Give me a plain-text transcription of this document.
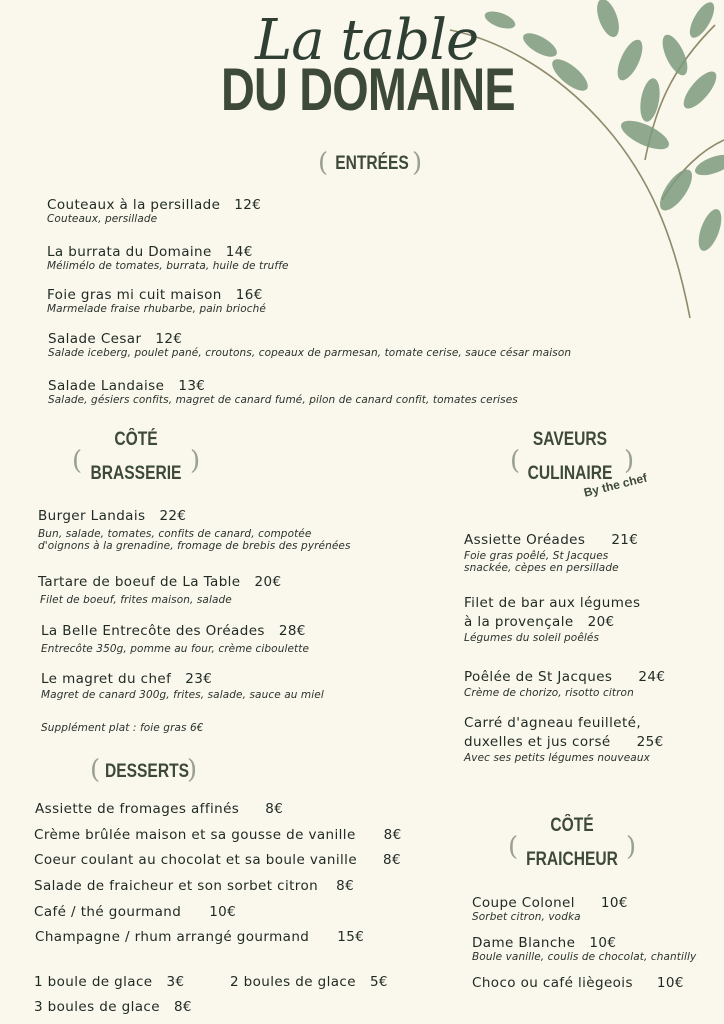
La table
DU DOMAINE
( ENTRÉES )
Couteaux à la persillade 12€
Couteaux, persillade
La burrata du Domaine 14€
Mélimélo de tomates, burrata, huile de truffe
Foie gras mi cuit maison 16€
Marmelade fraise rhubarbe, pain brioché
Salade Cesar 12€
Salade iceberg, poulet pané, croutons, copeaux de parmesan, tomate cerise, sauce césar maison
Salade Landaise 13€
Salade, gésiers confits, magret de canard fumé, pilon de canard confit, tomates cerises
CÔTÉ
( BRASSERIE )
Burger Landais 22€
Bun, salade, tomates, confits de canard, compotée
d'oignons à la grenadine, fromage de brebis des pyrénées
Tartare de boeuf de La Table 20€
Filet de boeuf, frites maison, salade
La Belle Entrecôte des Oréades 28€
Entrecôte 350g, pomme au four, crème ciboulette
Le magret du chef 23€
Magret de canard 300g, frites, salade, sauce au miel
Supplément plat : foie gras 6€
SAVEURS
( CULINAIRE )
By the chef
Assiette Oréades 21€
Foie gras poêlé, St Jacques
snackée, cèpes en persillade
Filet de bar aux légumes
à la provençale 20€
Légumes du soleil poêlés
Poêlée de St Jacques 24€
Crème de chorizo, risotto citron
Carré d'agneau feuilleté,
duxelles et jus corsé 25€
Avec ses petits légumes nouveaux
( DESSERTS
)
Assiette de fromages affinés 8€
Crème brûlée maison et sa gousse de vanille 8€
Coeur coulant au chocolat et sa boule vanille 8€
Salade de fraicheur et son sorbet citron 8€
Café / thé gourmand 10€
Champagne / rhum arrangé gourmand 15€
1 boule de glace 3€	2 boules de glace 5€
3 boules de glace 8€
CÔTÉ
( FRAICHEUR )
Coupe Colonel 10€
Sorbet citron, vodka
Dame Blanche 10€
Boule vanille, coulis de chocolat, chantilly
Choco ou café liègeois 10€
